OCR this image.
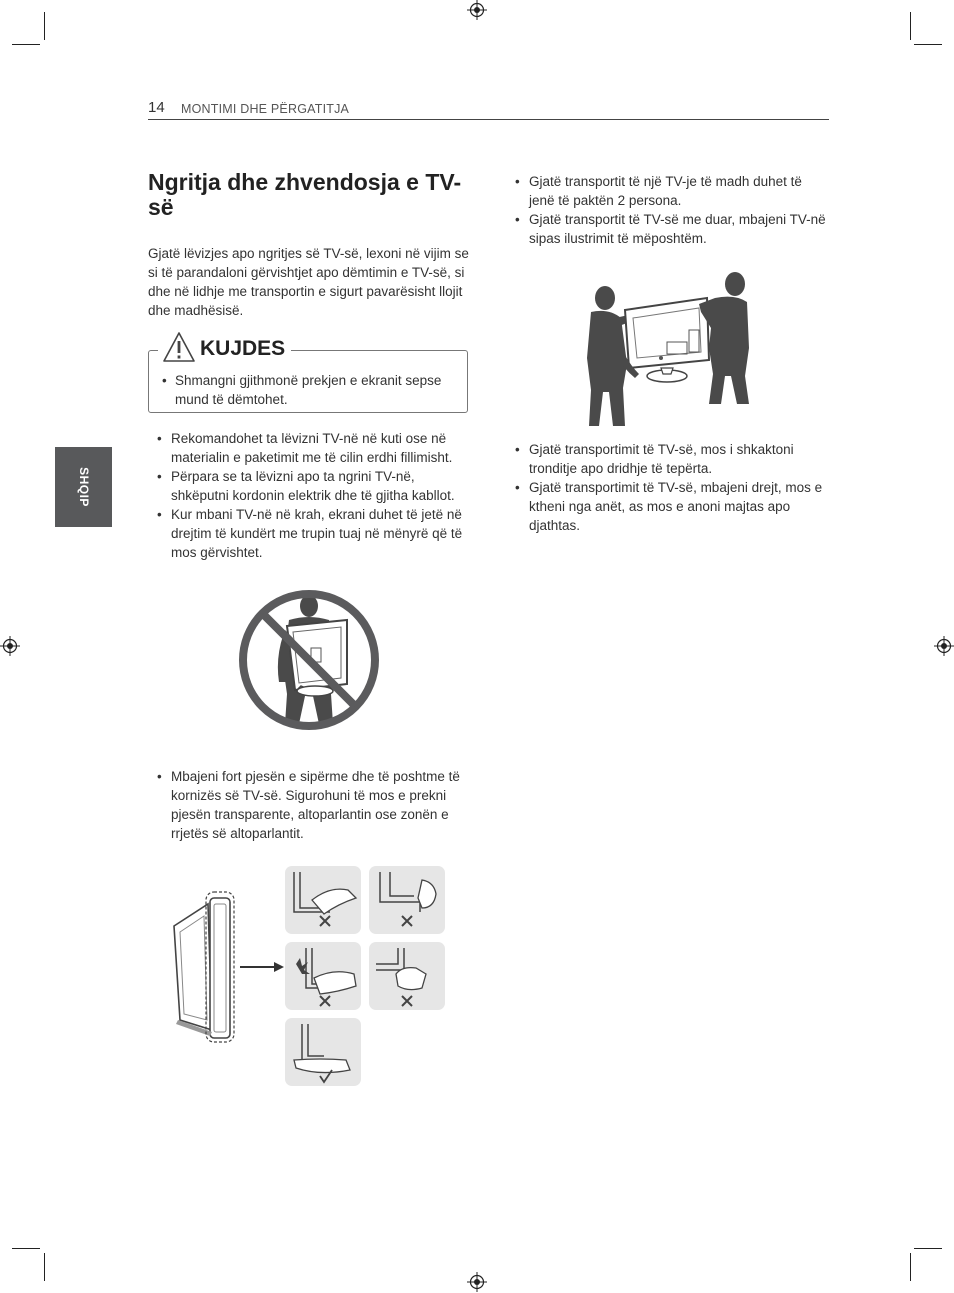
14 MONTIMI DHE PËRGATITJA
SHQIP
Ngritja dhe zhvendosja e TV-së

Gjatë lëvizjes apo ngritjes së TV-së, lexoni në vijim se si të parandaloni gërvishtjet apo dëmtimin e TV-së, si dhe në lidhje me transportin e sigurt pavarësisht llojit dhe madhësisë.

KUJDES
• Shmangni gjithmonë prekjen e ekranit sepse mund të dëmtohet.
• Rekomandohet ta lëvizni TV-në në kuti ose në materialin e paketimit me të cilin erdhi fillimisht.
• Përpara se ta lëvizni apo ta ngrini TV-në, shkëputni kordonin elektrik dhe të gjitha kabllot.
• Kur mbani TV-në në krah, ekrani duhet të jetë në drejtim të kundërt me trupin tuaj në mënyrë që të mos gërvishtet.
• Mbajeni fort pjesën e sipërme dhe të poshtme të kornizës së TV-së. Sigurohuni të mos e prekni pjesën transparente, altoparlantin ose zonën e rrjetës së altoparlantit.
• Gjatë transportit të një TV-je të madh duhet të jenë të paktën 2 persona.
• Gjatë transportit të TV-së me duar, mbajeni TV-në sipas ilustrimit të mëposhtëm.
• Gjatë transportimit të TV-së, mos i shkaktoni tronditje apo dridhje të tepërta.
• Gjatë transportimit të TV-së, mbajeni drejt, mos e ktheni nga anët, as mos e anoni majtas apo djathtas.
